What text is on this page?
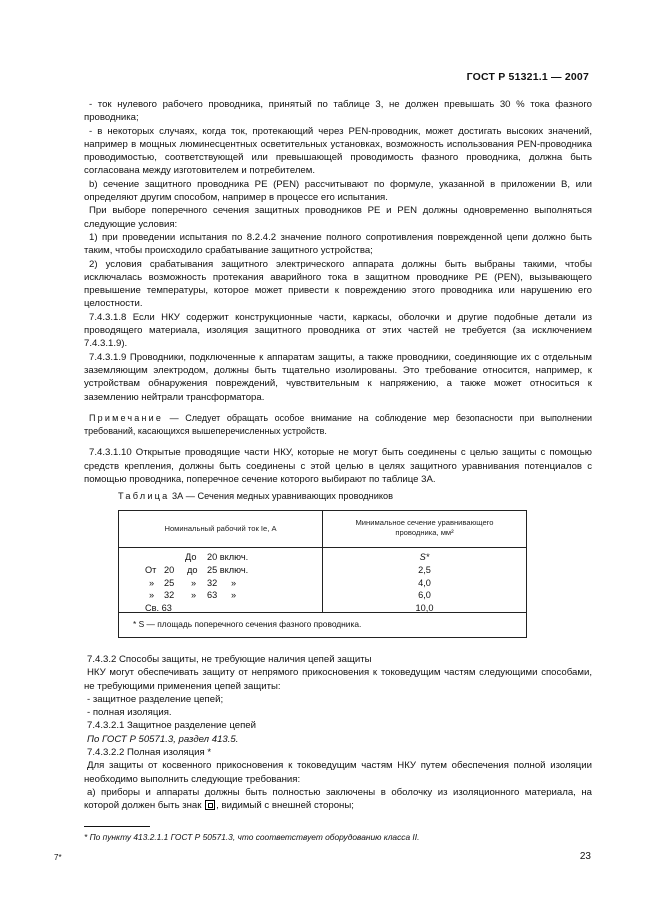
ГОСТ Р 51321.1 — 2007

- ток нулевого рабочего проводника, принятый по таблице 3, не должен превышать 30 % тока фазного проводника;

- в некоторых случаях, когда ток, протекающий через PEN-проводник, может достигать высоких значений, например в мощных люминесцентных осветительных установках, возможность использования PEN-проводника проводимостью, соответствующей или превышающей проводимость фазного проводника, должна быть согласована между изготовителем и потребителем.

b) сечение защитного проводника PE (PEN) рассчитывают по формуле, указанной в приложении В, или определяют другим способом, например в процессе его испытания.

При выборе поперечного сечения защитных проводников PE и PEN должны одновременно выполняться следующие условия:

1) при проведении испытания по 8.2.4.2 значение полного сопротивления поврежденной цепи должно быть таким, чтобы происходило срабатывание защитного устройства;

2) условия срабатывания защитного электрического аппарата должны быть выбраны такими, чтобы исключалась возможность протекания аварийного тока в защитном проводнике PE (PEN), вызывающего превышение температуры, которое может привести к повреждению этого проводника или нарушению его целостности.

7.4.3.1.8 Если НКУ содержит конструкционные части, каркасы, оболочки и другие подобные детали из проводящего материала, изоляция защитного проводника от этих частей не требуется (за исключением 7.4.3.1.9).

7.4.3.1.9 Проводники, подключенные к аппаратам защиты, а также проводники, соединяющие их с отдельным заземляющим электродом, должны быть тщательно изолированы. Это требование относится, например, к устройствам обнаружения повреждений, чувствительным к напряжению, а также может относиться к заземлению нейтрали трансформатора.

Примечание — Следует обращать особое внимание на соблюдение мер безопасности при выполнении требований, касающихся вышеперечисленных устройств.

7.4.3.1.10 Открытые проводящие части НКУ, которые не могут быть соединены с целью защиты с помощью средств крепления, должны быть соединены с этой целью в целях защитного уравнивания потенциалов с помощью проводника, поперечное сечение которого выбирают по таблице 3А.

Таблица 3А — Сечения медных уравнивающих проводников
Номинальный рабочий ток Ie, А
Минимальное сечение уравнивающего
проводника, мм²
До 20 включ.
От 20 до 25 включ.
» 25 » 32 »
» 32 » 63 »
Св. 63
S*
2,5
4,0
6,0
10,0
* S — площадь поперечного сечения фазного проводника.

7.4.3.2 Способы защиты, не требующие наличия цепей защиты

НКУ могут обеспечивать защиту от непрямого прикосновения к токоведущим частям следующими способами, не требующими применения цепей защиты:

- защитное разделение цепей;

- полная изоляция.

7.4.3.2.1 Защитное разделение цепей

По ГОСТ Р 50571.3, раздел 413.5.

7.4.3.2.2 Полная изоляция *

Для защиты от косвенного прикосновения к токоведущим частям НКУ путем обеспечения полной изоляции необходимо выполнить следующие требования:

а) приборы и аппараты должны быть полностью заключены в оболочку из изоляционного материала, на которой должен быть знак , видимый с внешней стороны;

* По пункту 413.2.1.1 ГОСТ Р 50571.3, что соответствует оборудованию класса II.
7*	23
